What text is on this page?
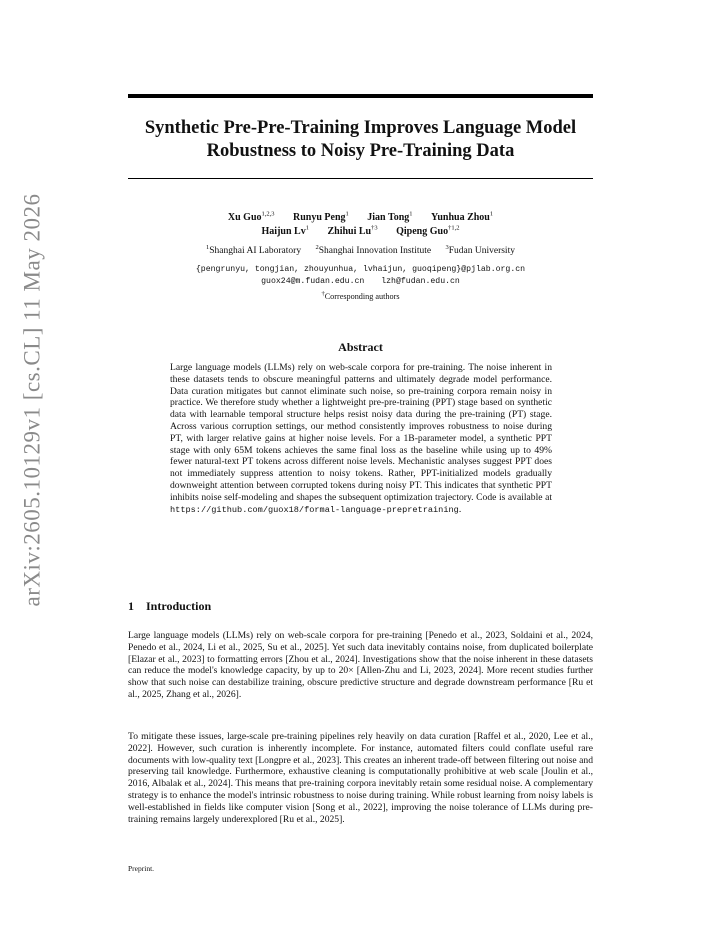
arXiv:2605.10129v1 [cs.CL] 11 May 2026
Synthetic Pre-Pre-Training Improves Language Model
Robustness to Noisy Pre-Training Data
Xu Guo$^{1,2,3}$ Runyu Peng$^1$ Jian Tong$^1$ Yunhua Zhou$^1$
Haijun Lv$^1$ Zhihui Lu$^{\dagger 3}$ Qipeng Guo$^{\dagger 1,2}$
$^1$Shanghai AI Laboratory $^2$Shanghai Innovation Institute $^3$Fudan University
{pengrunyu, tongjian, zhouyunhua, lvhaijun, guoqipeng}@pjlab.org.cn
guox24@m.fudan.edu.cn lzh@fudan.edu.cn
†Corresponding authors
Abstract

Large language models (LLMs) rely on web-scale corpora for pre-training. The noise inherent in these datasets tends to obscure meaningful patterns and ultimately degrade model performance. Data curation mitigates but cannot eliminate such noise, so pre-training corpora remain noisy in practice. We therefore study whether a lightweight pre-pre-training (PPT) stage based on synthetic data with learnable temporal structure helps resist noisy data during the pre-training (PT) stage. Across various corruption settings, our method consistently improves robustness to noise during PT, with larger relative gains at higher noise levels. For a 1B-parameter model, a synthetic PPT stage with only 65M tokens achieves the same final loss as the baseline while using up to 49% fewer natural-text PT tokens across different noise levels. Mechanistic analyses suggest PPT does not immediately suppress attention to noisy tokens. Rather, PPT-initialized models gradually downweight attention between corrupted tokens during noisy PT. This indicates that synthetic PPT inhibits noise self-modeling and shapes the subsequent optimization trajectory. Code is available at https://github.com/guox18/formal-language-prepretraining.

1 Introduction

Large language models (LLMs) rely on web-scale corpora for pre-training [Penedo et al., 2023, Soldaini et al., 2024, Penedo et al., 2024, Li et al., 2025, Su et al., 2025]. Yet such data inevitably contains noise, from duplicated boilerplate [Elazar et al., 2023] to formatting errors [Zhou et al., 2024]. Investigations show that the noise inherent in these datasets can reduce the model's knowledge capacity, by up to 20× [Allen-Zhu and Li, 2023, 2024]. More recent studies further show that such noise can destabilize training, obscure predictive structure and degrade downstream performance [Ru et al., 2025, Zhang et al., 2026].

To mitigate these issues, large-scale pre-training pipelines rely heavily on data curation [Raffel et al., 2020, Lee et al., 2022]. However, such curation is inherently incomplete. For instance, automated filters could conflate useful rare documents with low-quality text [Longpre et al., 2023]. This creates an inherent trade-off between filtering out noise and preserving tail knowledge. Furthermore, exhaustive cleaning is computationally prohibitive at web scale [Joulin et al., 2016, Albalak et al., 2024]. This means that pre-training corpora inevitably retain some residual noise. A complementary strategy is to enhance the model's intrinsic robustness to noise during training. While robust learning from noisy labels is well-established in fields like computer vision [Song et al., 2022], improving the noise tolerance of LLMs during pre-training remains largely underexplored [Ru et al., 2025].

Preprint.
